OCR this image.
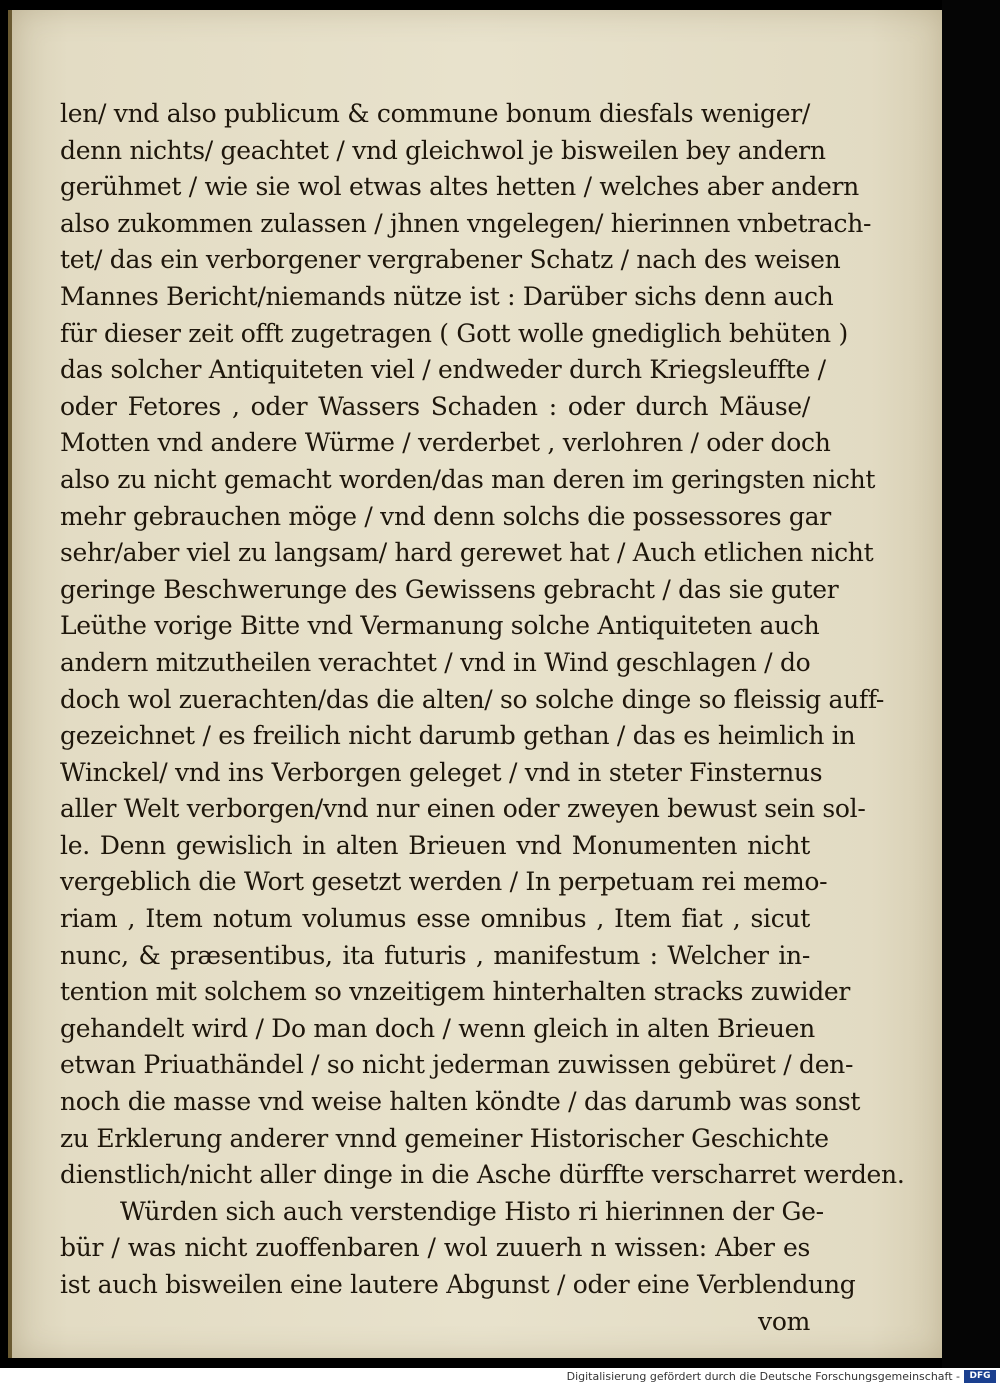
len/ vnd also publicum & commune bonum diesfals weniger/
denn nichts/ geachtet / vnd gleichwol je bisweilen bey andern
gerühmet / wie sie wol etwas altes hetten / welches aber andern
also zukommen zulassen / jhnen vngelegen/ hierinnen vnbetrach-
tet/ das ein verborgener vergrabener Schatz / nach des weisen
Mannes Bericht/niemands nütze ist : Darüber sichs denn auch
für dieser zeit offt zugetragen ( Gott wolle gnediglich behüten )
das solcher Antiquiteten viel / endweder durch Kriegsleuffte /
oder Fetores , oder Wassers Schaden : oder durch Mäuse/
Motten vnd andere Würme / verderbet , verlohren / oder doch
also zu nicht gemacht worden/das man deren im geringsten nicht
mehr gebrauchen möge / vnd denn solchs die possessores gar
sehr/aber viel zu langsam/ hard gerewet hat / Auch etlichen nicht
geringe Beschwerunge des Gewissens gebracht / das sie guter
Leüthe vorige Bitte vnd Vermanung solche Antiquiteten auch
andern mitzutheilen verachtet / vnd in Wind geschlagen / do
doch wol zuerachten/das die alten/ so solche dinge so fleissig auff-
gezeichnet / es freilich nicht darumb gethan / das es heimlich in
Winckel/ vnd ins Verborgen geleget / vnd in steter Finsternus
aller Welt verborgen/vnd nur einen oder zweyen bewust sein sol-
le. Denn gewislich in alten Brieuen vnd Monumenten nicht
vergeblich die Wort gesetzt werden / In perpetuam rei memo-
riam , Item notum volumus esse omnibus , Item fiat , sicut
nunc, & præsentibus, ita futuris , manifestum : Welcher in-
tention mit solchem so vnzeitigem hinterhalten stracks zuwider
gehandelt wird / Do man doch / wenn gleich in alten Brieuen
etwan Priuathändel / so nicht jederman zuwissen gebüret / den-
noch die masse vnd weise halten köndte / das darumb was sonst
zu Erklerung anderer vnnd gemeiner Historischer Geschichte
dienstlich/nicht aller dinge in die Asche dürffte verscharret werden.
Würden sich auch verstendige Histo ri hierinnen der Ge-
bür / was nicht zuoffenbaren / wol zuuerh n wissen: Aber es
ist auch bisweilen eine lautere Abgunst / oder eine Verblendung
vom
Digitalisierung gefördert durch die Deutsche Forschungsgemeinschaft -	DFG
